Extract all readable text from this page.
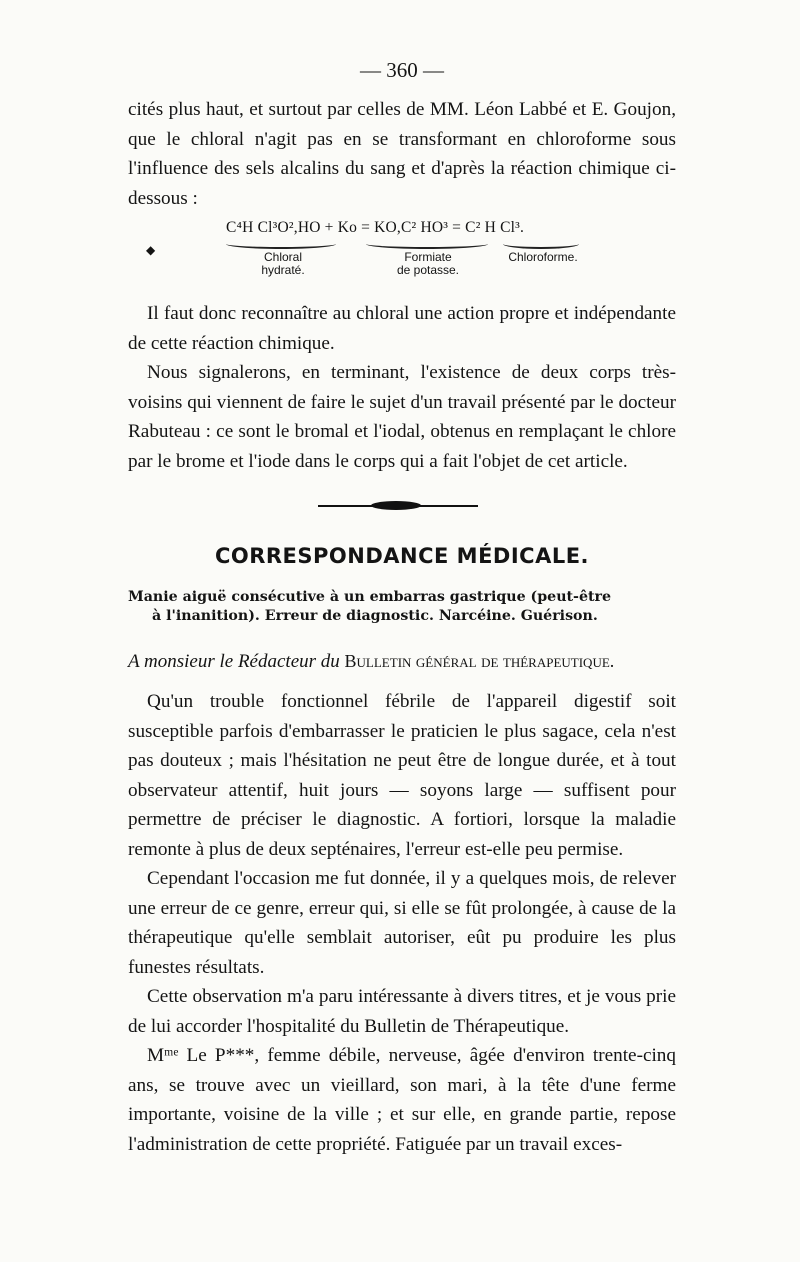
— 360 —

cités plus haut, et surtout par celles de MM. Léon Labbé et E. Goujon, que le chloral n'agit pas en se transformant en chloroforme sous l'influence des sels alcalins du sang et d'après la réaction chimique ci-dessous :

◆
C⁴H Cl³O²,HO + Ko = KO,C² HO³ = C² H Cl³.
Chloral
hydraté.
Formiate
de potasse.
Chloroforme.

Il faut donc reconnaître au chloral une action propre et indépendante de cette réaction chimique.

Nous signalerons, en terminant, l'existence de deux corps très-voisins qui viennent de faire le sujet d'un travail présenté par le docteur Rabuteau : ce sont le bromal et l'iodal, obtenus en remplaçant le chlore par le brome et l'iode dans le corps qui a fait l'objet de cet article.

CORRESPONDANCE MÉDICALE.
Manie aiguë consécutive à un embarras gastrique (peut-être
à l'inanition). Erreur de diagnostic. Narcéine. Guérison.
A monsieur le Rédacteur du Bulletin général de thérapeutique.

Qu'un trouble fonctionnel fébrile de l'appareil digestif soit susceptible parfois d'embarrasser le praticien le plus sagace, cela n'est pas douteux ; mais l'hésitation ne peut être de longue durée, et à tout observateur attentif, huit jours — soyons large — suffisent pour permettre de préciser le diagnostic. A fortiori, lorsque la maladie remonte à plus de deux septénaires, l'erreur est-elle peu permise.

Cependant l'occasion me fut donnée, il y a quelques mois, de relever une erreur de ce genre, erreur qui, si elle se fût prolongée, à cause de la thérapeutique qu'elle semblait autoriser, eût pu produire les plus funestes résultats.

Cette observation m'a paru intéressante à divers titres, et je vous prie de lui accorder l'hospitalité du Bulletin de Thérapeutique.

Mᵐᵉ Le P***, femme débile, nerveuse, âgée d'environ trente-cinq ans, se trouve avec un vieillard, son mari, à la tête d'une ferme importante, voisine de la ville ; et sur elle, en grande partie, repose l'administration de cette propriété. Fatiguée par un travail exces-
